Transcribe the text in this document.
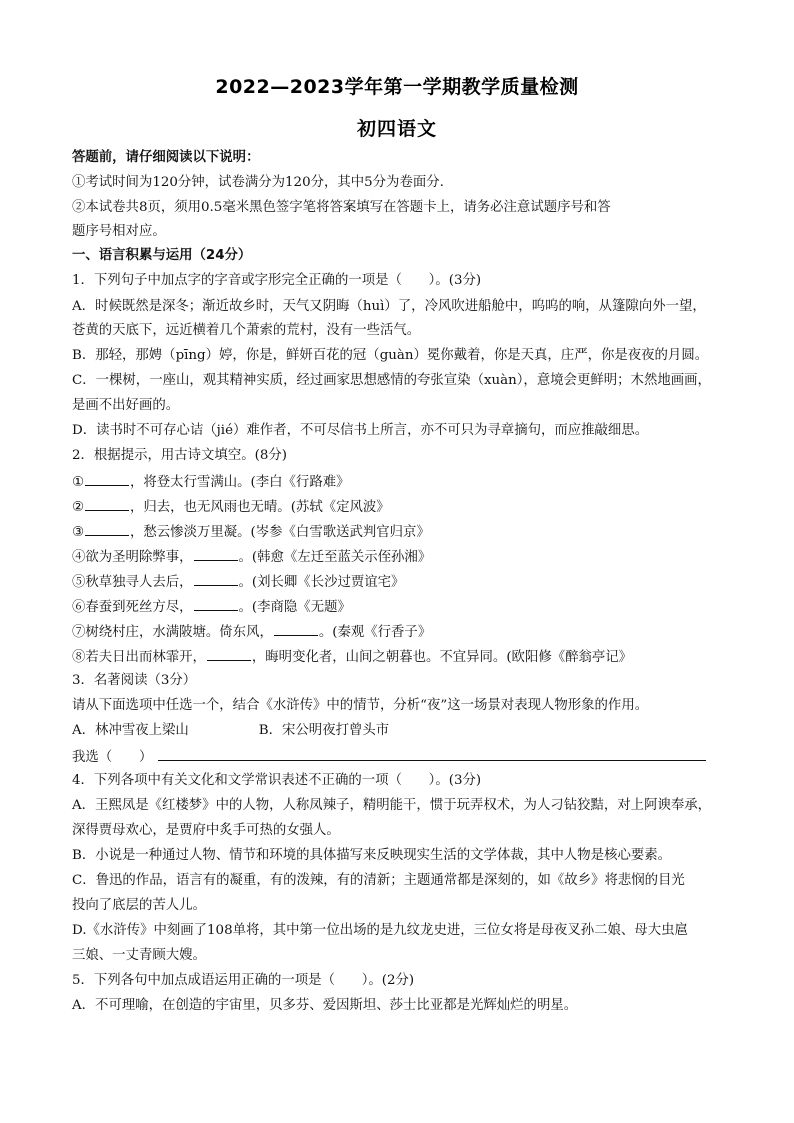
2022—2023学年第一学期教学质量检测
初四语文
答题前，请仔细阅读以下说明：
①考试时间为120分钟，试卷满分为120分，其中5分为卷面分.
②本试卷共8页，须用0.5毫米黑色签字笔将答案填写在答题卡上，请务必注意试题序号和答
题序号相对应。
一、语言积累与运用（24分）
1．下列句子中加点字的字音或字形完全正确的一项是（　　）。(3分)
A．时候既然是深冬；渐近故乡时，天气又阴晦（huì）了，冷风吹进船舱中，呜呜的响，从篷隙向外一望，
苍黄的天底下，远近横着几个萧索的荒村，没有一些活气。
B．那轻，那娉（pīng）婷，你是，鲜妍百花的冠（guàn）冕你戴着，你是天真，庄严，你是夜夜的月圆。
C．一棵树，一座山，观其精神实质，经过画家思想感情的夸张宣染（xuàn），意境会更鲜明；木然地画画，
是画不出好画的。
D．读书时不可存心诘（jié）难作者，不可尽信书上所言，亦不可只为寻章摘句，而应推敲细思。
2．根据提示，用古诗文填空。(8分)
①	，将登太行雪满山。(李白《行路难》
②	，归去，也无风雨也无晴。(苏轼《定风波》
③	，愁云惨淡万里凝。(岑参《白雪歌送武判官归京》
④欲为圣明除弊事，	。(韩愈《左迁至蓝关示侄孙湘》
⑤秋草独寻人去后，	。(刘长卿《长沙过贾谊宅》
⑥春蚕到死丝方尽，	。(李商隐《无题》
⑦树绕村庄，水满陂塘。倚东风，	。(秦观《行香子》
⑧若夫日出而林霏开，	，晦明变化者，山间之朝暮也。不宜异同。(欧阳修《醉翁亭记》
3．名著阅读（3分）
请从下面选项中任选一个，结合《水浒传》中的情节，分析“夜”这一场景对表现人物形象的作用。
A．林冲雪夜上梁山	B．宋公明夜打曾头市
我选（　　）
4．下列各项中有关文化和文学常识表述不正确的一项（　　）。(3分)
A．王熙凤是《红楼梦》中的人物，人称凤辣子，精明能干，惯于玩弄权术，为人刁钻狡黠，对上阿谀奉承，
深得贾母欢心，是贾府中炙手可热的女强人。
B．小说是一种通过人物、情节和环境的具体描写来反映现实生活的文学体裁，其中人物是核心要素。
C．鲁迅的作品，语言有的凝重，有的泼辣，有的清新；主题通常都是深刻的，如《故乡》将悲悯的目光
投向了底层的苦人儿。
D.《水浒传》中刻画了108单将，其中第一位出场的是九纹龙史进，三位女将是母夜叉孙二娘、母大虫扈
三娘、一丈青顾大嫂。
5．下列各句中加点成语运用正确的一项是（　　）。(2分)
A．不可理喻，在创造的宇宙里，贝多芬、爱因斯坦、莎士比亚都是光辉灿烂的明星。
